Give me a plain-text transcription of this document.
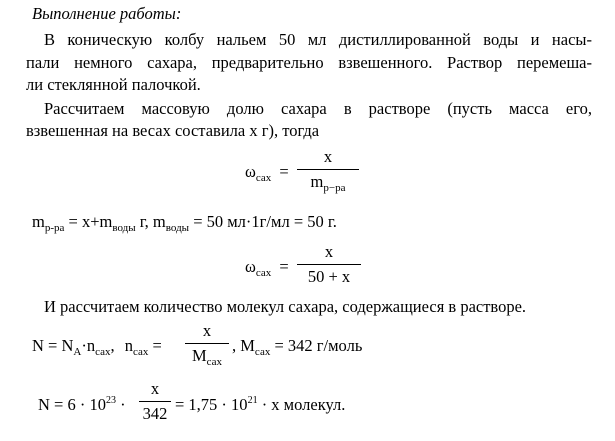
Выполнение работы:
В коническую колбу нальем 50 мл дистиллированной воды и насы-
пали немного сахара, предварительно взвешенного. Раствор перемеша-
ли стеклянной палочкой.
Рассчитаем массовую долю сахара в растворе (пусть масса его,
взвешенная на весах составила х г), тогда
$\omega_{сах}$ =
x
$m_{р-ра}$
$m_{р-ра} = х+m_{воды}$ г, $m_{воды} = 50$ мл·1г/мл = 50 г.
$\omega_{сах}$ =
x
50 + x
И рассчитаем количество молекул сахара, содержащиеся в растворе.
$N = N_A\cdot n_{сах}$, $n_{сах}$ =
x
$M_{сах}$
, $M_{сах} = 342$ г/моль
$N = 6 \cdot 10^{23}$ ·
x
$342 = 1,75 \cdot 10^{21} \cdot x$ молекул.
